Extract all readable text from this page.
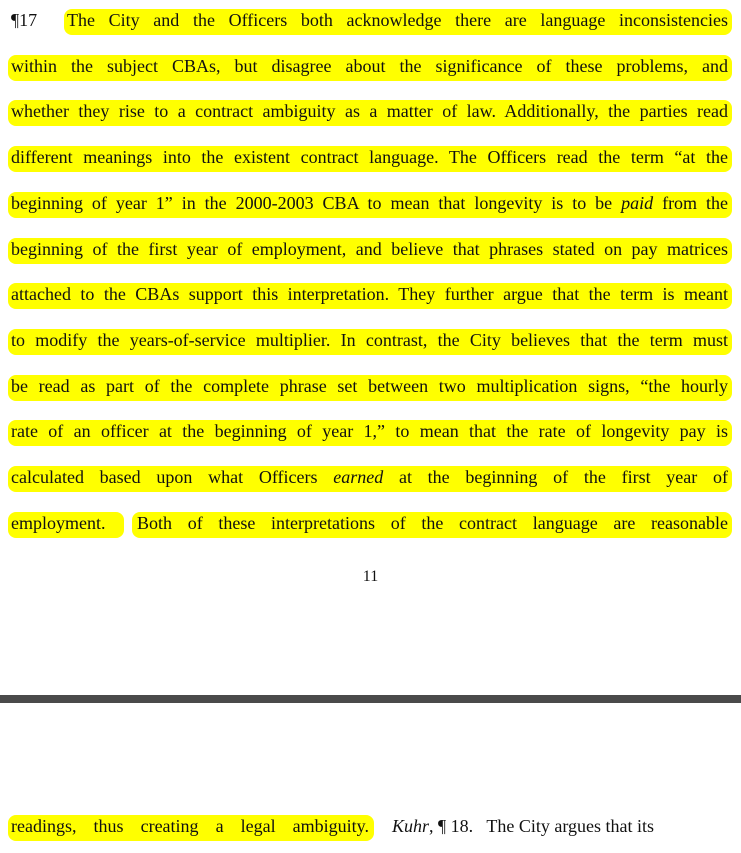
¶17 The City and the Officers both acknowledge there are language inconsistencies
within the subject CBAs, but disagree about the significance of these problems, and
whether they rise to a contract ambiguity as a matter of law. Additionally, the parties read
different meanings into the existent contract language. The Officers read the term “at the
beginning of year 1” in the 2000-2003 CBA to mean that longevity is to be paid from the
beginning of the first year of employment, and believe that phrases stated on pay matrices
attached to the CBAs support this interpretation. They further argue that the term is meant
to modify the years-of-service multiplier. In contrast, the City believes that the term must
be read as part of the complete phrase set between two multiplication signs, “the hourly
rate of an officer at the beginning of year 1,” to mean that the rate of longevity pay is
calculated based upon what Officers earned at the beginning of the first year of
employment.	Both of these interpretations of the contract language are reasonable
11
readings, thus creating a legal ambiguity. Kuhr, ¶ 18.   The City argues that its
